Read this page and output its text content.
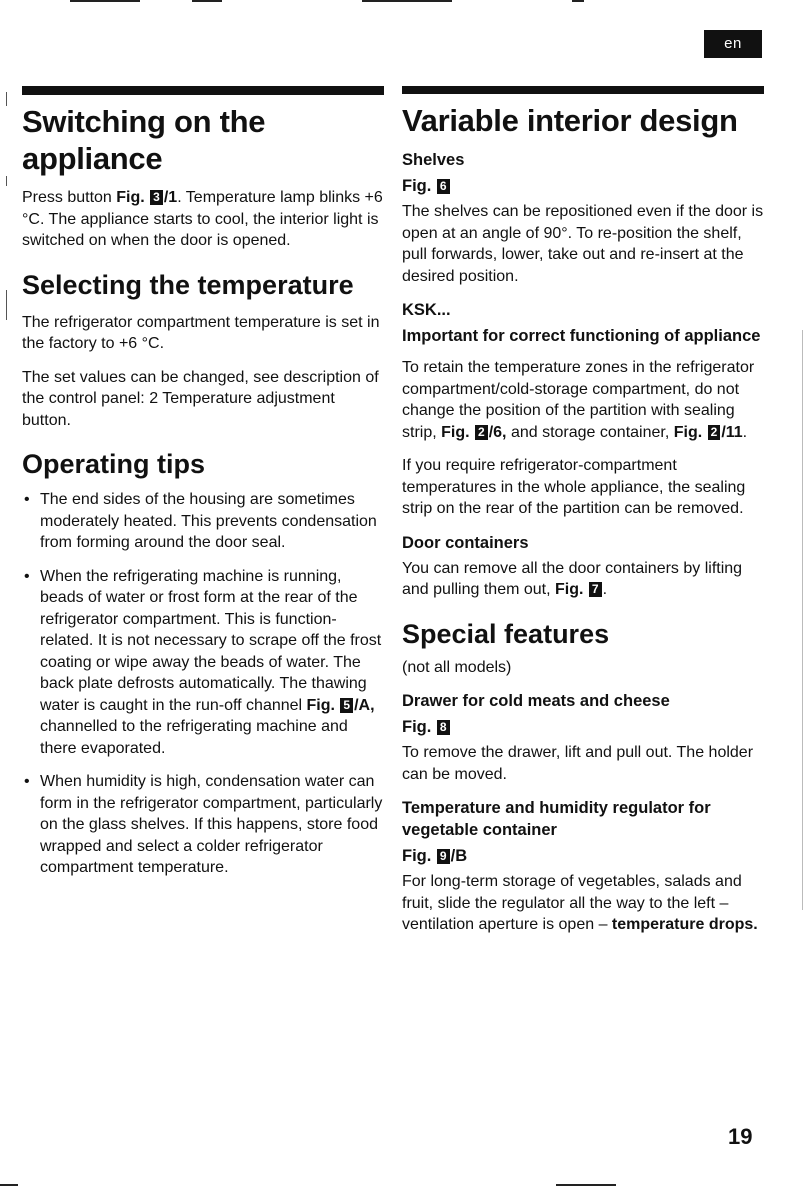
en
Switching on the
appliance

Press button Fig. 3 /1. Temperature lamp blinks +6 °C. The appliance starts to cool, the interior light is switched on when the door is opened.

Selecting the temperature

The refrigerator compartment temperature is set in the factory to +6 °C.

The set values can be changed, see description of the control panel: 2 Temperature adjustment button.

Operating tips
• The end sides of the housing are sometimes moderately heated. This prevents condensation from forming around the door seal.
• When the refrigerating machine is running, beads of water or frost form at the rear of the refrigerator compartment. This is function-related. It is not necessary to scrape off the frost coating or wipe away the beads of water. The back plate defrosts automatically. The thawing water is caught in the run-off channel Fig. 5 /A, channelled to the refrigerating machine and there evaporated.
• When humidity is high, condensation water can form in the refrigerator compartment, particularly on the glass shelves. If this happens, store food wrapped and select a colder refrigerator compartment temperature.
Variable interior design

Shelves

Fig. 6

The shelves can be repositioned even if the door is open at an angle of 90°. To re-position the shelf, pull forwards, lower, take out and re-insert at the desired position.

KSK...

Important for correct functioning of appliance

To retain the temperature zones in the refrigerator compartment/cold-storage compartment, do not change the position of the partition with sealing strip, Fig. 2 /6, and storage container, Fig. 2 /11.

If you require refrigerator-compartment temperatures in the whole appliance, the sealing strip on the rear of the partition can be removed.

Door containers

You can remove all the door containers by lifting and pulling them out, Fig. 7 .

Special features

(not all models)

Drawer for cold meats and cheese

Fig. 8

To remove the drawer, lift and pull out. The holder can be moved.

Temperature and humidity regulator for vegetable container

Fig. 9 /B

For long-term storage of vegetables, salads and fruit, slide the regulator all the way to the left – ventilation aperture is open – temperature drops.

19
